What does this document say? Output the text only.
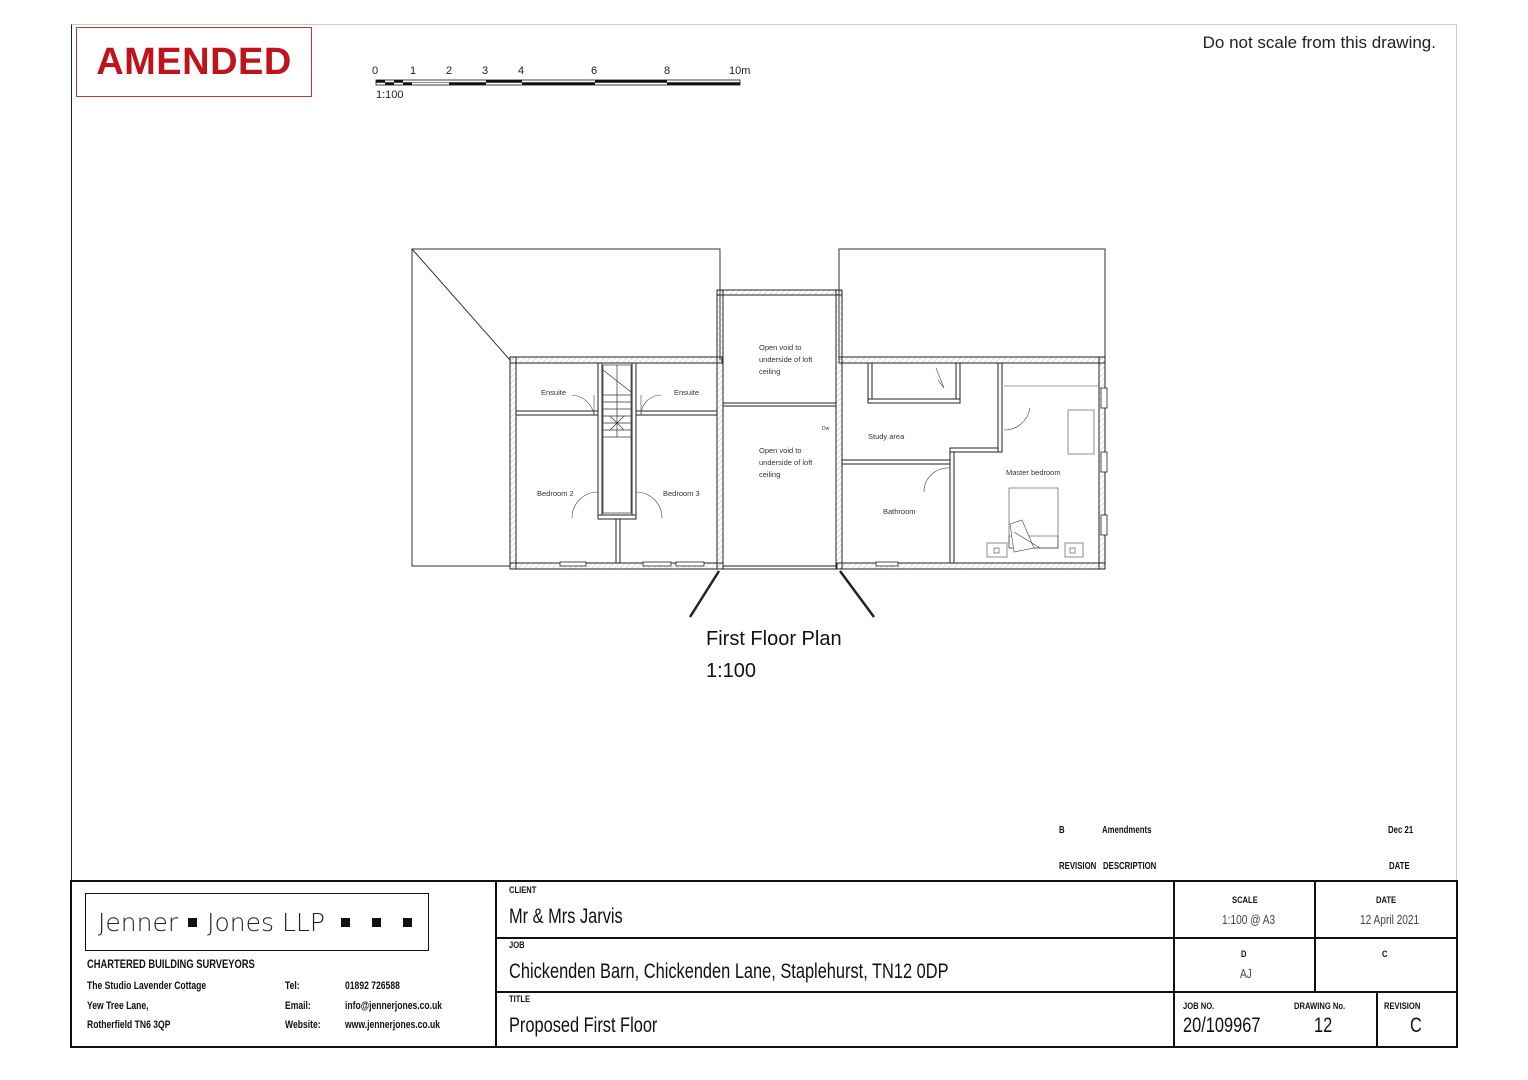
AMENDED	Do not scale from this drawing.
0	1	2	3	4	6	8	10m
1:100
Ensuite	Ensuite
Open void to
underside of loft
ceiling
Open void to
underside of loft
ceiling
Dw
Study area
Bedroom 2	Bedroom 3
Bathroom
Master bedroom
First Floor Plan
1:100
B	Amendments	Dec 21
REVISION DESCRIPTION	DATE
Jenner Jones LLP
CHARTERED BUILDING SURVEYORS
The Studio Lavender Cottage
Yew Tree Lane,
Rotherfield TN6 3QP
Tel:	01892 726588
Email:	info@jennerjones.co.uk
Website: www.jennerjones.co.uk
CLIENT
Mr & Mrs Jarvis
JOB
Chickenden Barn, Chickenden Lane, Staplehurst, TN12 0DP
TITLE
Proposed First Floor
SCALE
1:100 @ A3
DATE
12 April 2021
D
AJ
C
JOB NO.
20/109967
DRAWING No.
12
REVISION
C
